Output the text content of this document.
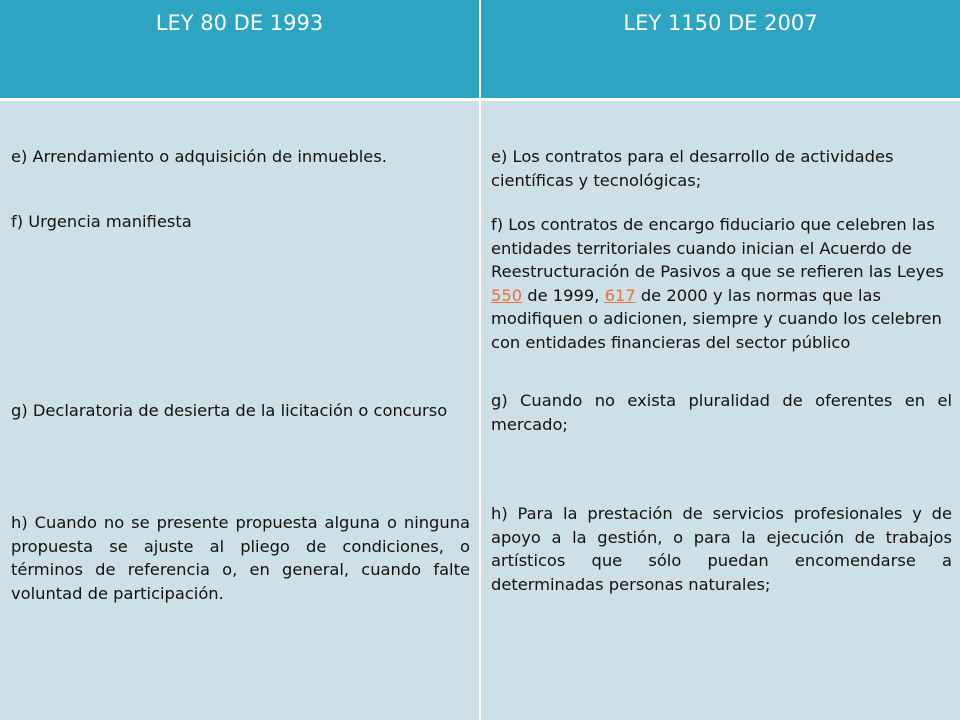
LEY 80 DE 1993	LEY 1150 DE 2007

e) Arrendamiento o adquisición de inmuebles.

f) Urgencia manifiesta

g) Declaratoria de desierta de la licitación o concurso

h) Cuando no se presente propuesta alguna o ninguna propuesta se ajuste al pliego de condiciones, o términos de referencia o, en general, cuando falte voluntad de participación.

e) Los contratos para el desarrollo de actividades científicas y tecnológicas;

f) Los contratos de encargo fiduciario que celebren las entidades territoriales cuando inician el Acuerdo de Reestructuración de Pasivos a que se refieren las Leyes 550 de 1999, 617 de 2000 y las normas que las modifiquen o adicionen, siempre y cuando los celebren con entidades financieras del sector público

g) Cuando no exista pluralidad de oferentes en el mercado;

h) Para la prestación de servicios profesionales y de apoyo a la gestión, o para la ejecución de trabajos artísticos que sólo puedan encomendarse a determinadas personas naturales;
